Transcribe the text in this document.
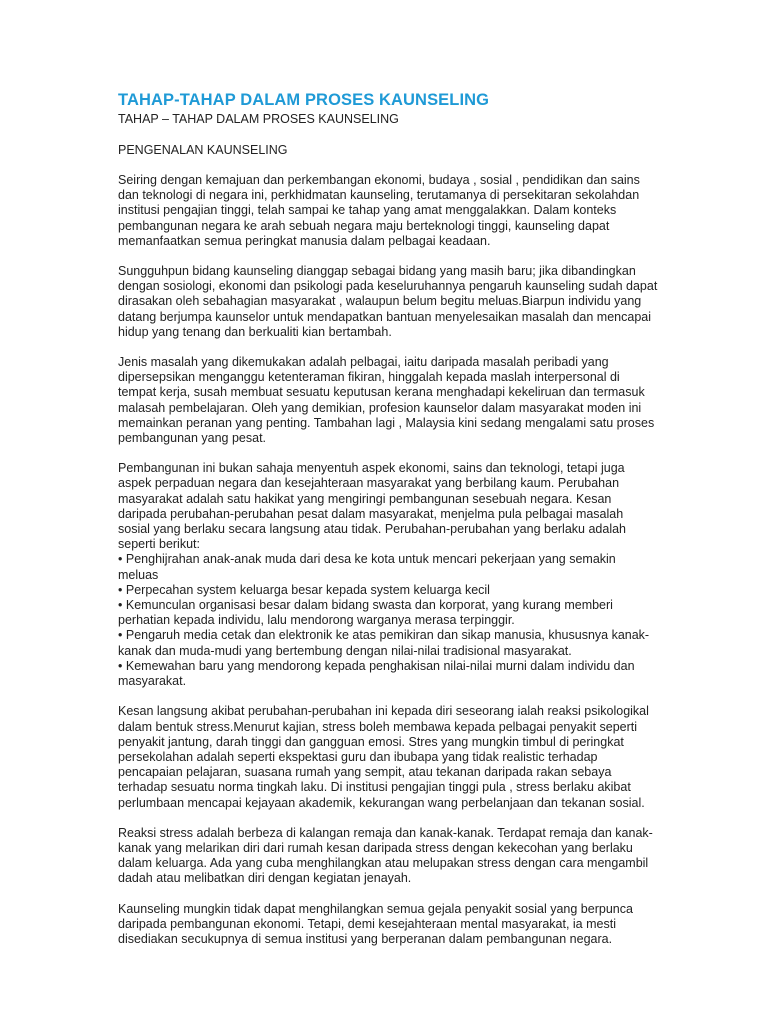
TAHAP-TAHAP DALAM PROSES KAUNSELING
TAHAP – TAHAP DALAM PROSES KAUNSELING
PENGENALAN KAUNSELING

Seiring dengan kemajuan dan perkembangan ekonomi, budaya , sosial , pendidikan dan sains dan teknologi di negara ini, perkhidmatan kaunseling, terutamanya di persekitaran sekolahdan institusi pengajian tinggi, telah sampai ke tahap yang amat menggalakkan. Dalam konteks pembangunan negara ke arah sebuah negara maju berteknologi tinggi, kaunseling dapat memanfaatkan semua peringkat manusia dalam pelbagai keadaan.

Sungguhpun bidang kaunseling dianggap sebagai bidang yang masih baru; jika dibandingkan dengan sosiologi, ekonomi dan psikologi pada keseluruhannya pengaruh kaunseling sudah dapat dirasakan oleh sebahagian masyarakat , walaupun belum begitu meluas.Biarpun individu yang datang berjumpa kaunselor untuk mendapatkan bantuan menyelesaikan masalah dan mencapai hidup yang tenang dan berkualiti kian bertambah.

Jenis masalah yang dikemukakan adalah pelbagai, iaitu daripada masalah peribadi yang dipersepsikan menganggu ketenteraman fikiran, hinggalah kepada maslah interpersonal di tempat kerja, susah membuat sesuatu keputusan kerana menghadapi kekeliruan dan termasuk malasah pembelajaran. Oleh yang demikian, profesion kaunselor dalam masyarakat moden ini memainkan peranan yang penting. Tambahan lagi , Malaysia kini sedang mengalami satu proses pembangunan yang pesat.

Pembangunan ini bukan sahaja menyentuh aspek ekonomi, sains dan teknologi, tetapi juga aspek perpaduan negara dan kesejahteraan masyarakat yang berbilang kaum. Perubahan masyarakat adalah satu hakikat yang mengiringi pembangunan sesebuah negara. Kesan daripada perubahan-perubahan pesat dalam masyarakat, menjelma pula pelbagai masalah sosial yang berlaku secara langsung atau tidak. Perubahan-perubahan yang berlaku adalah seperti berikut:
• Penghijrahan anak-anak muda dari desa ke kota untuk mencari pekerjaan yang semakin meluas
• Perpecahan system keluarga besar kepada system keluarga kecil
• Kemunculan organisasi besar dalam bidang swasta dan korporat, yang kurang memberi perhatian kepada individu, lalu mendorong warganya merasa terpinggir.
• Pengaruh media cetak dan elektronik ke atas pemikiran dan sikap manusia, khususnya kanak-kanak dan muda-mudi yang bertembung dengan nilai-nilai tradisional masyarakat.
• Kemewahan baru yang mendorong kepada penghakisan nilai-nilai murni dalam individu dan masyarakat.

Kesan langsung akibat perubahan-perubahan ini kepada diri seseorang ialah reaksi psikologikal dalam bentuk stress.Menurut kajian, stress boleh membawa kepada pelbagai penyakit seperti penyakit jantung, darah tinggi dan gangguan emosi. Stres yang mungkin timbul di peringkat persekolahan adalah seperti ekspektasi guru dan ibubapa yang tidak realistic terhadap pencapaian pelajaran, suasana rumah yang sempit, atau tekanan daripada rakan sebaya terhadap sesuatu norma tingkah laku. Di institusi pengajian tinggi pula , stress berlaku akibat perlumbaan mencapai kejayaan akademik, kekurangan wang perbelanjaan dan tekanan sosial.

Reaksi stress adalah berbeza di kalangan remaja dan kanak-kanak. Terdapat remaja dan kanak-kanak yang melarikan diri dari rumah kesan daripada stress dengan kekecohan yang berlaku dalam keluarga. Ada yang cuba menghilangkan atau melupakan stress dengan cara mengambil dadah atau melibatkan diri dengan kegiatan jenayah.

Kaunseling mungkin tidak dapat menghilangkan semua gejala penyakit sosial yang berpunca daripada pembangunan ekonomi. Tetapi, demi kesejahteraan mental masyarakat, ia mesti disediakan secukupnya di semua institusi yang berperanan dalam pembangunan negara.
